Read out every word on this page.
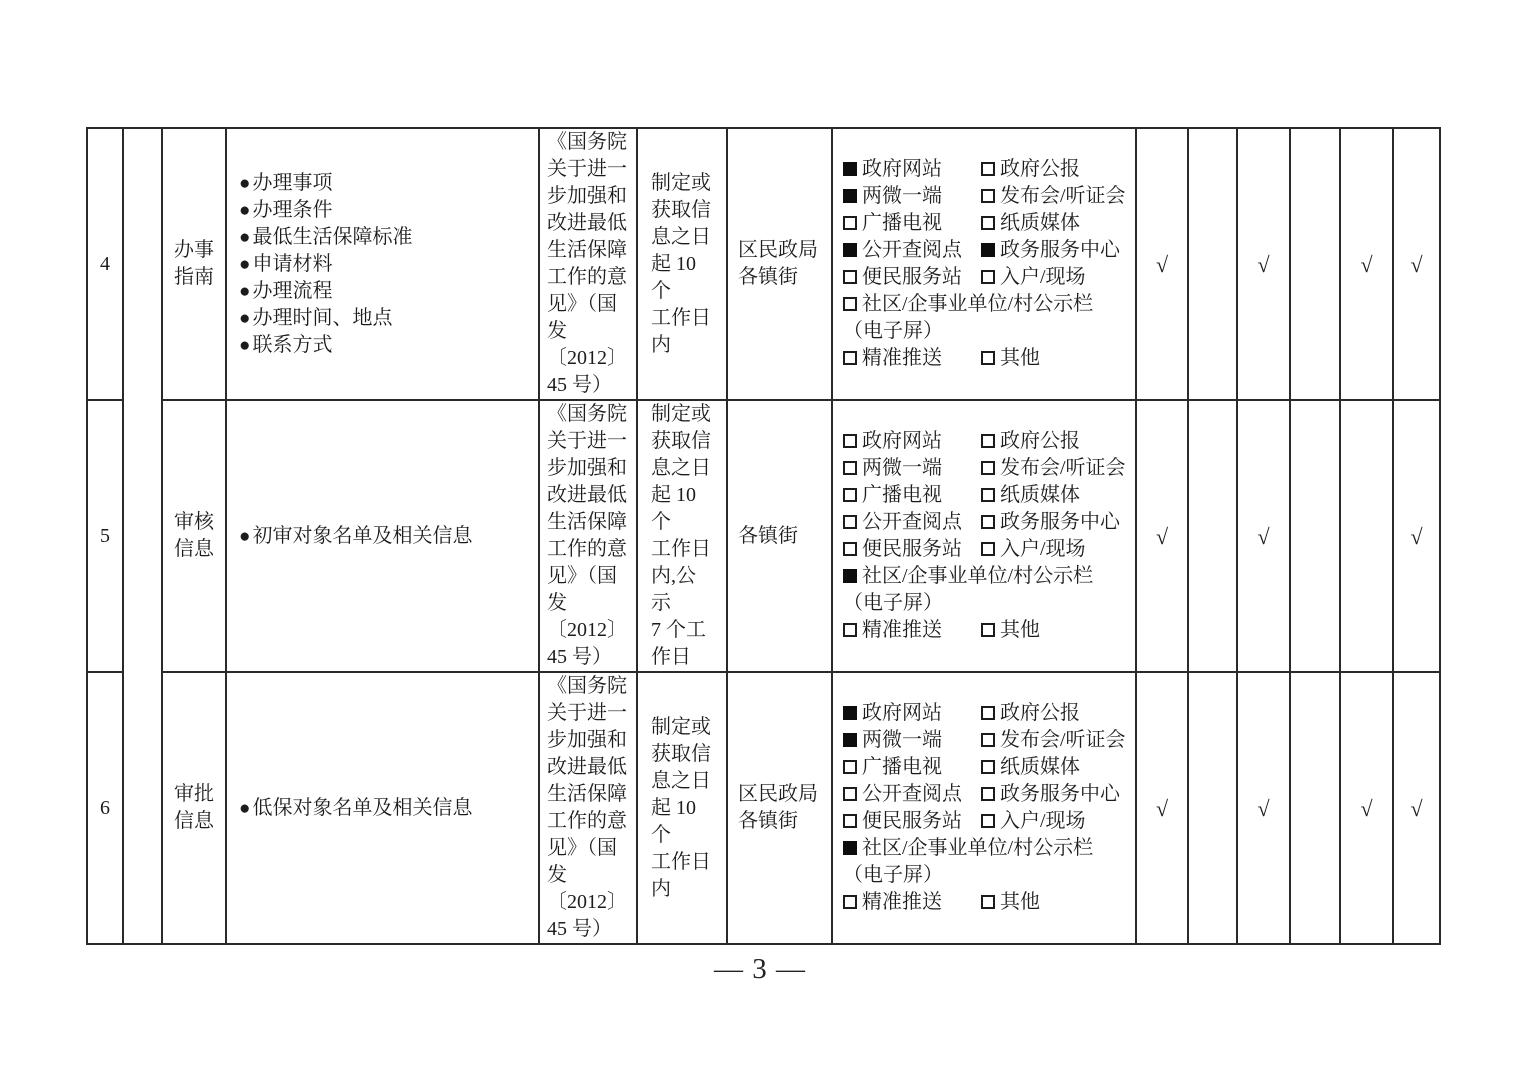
4		办事指南	
● 办理事项
● 办理条件
● 最低生活保障标准
● 申请材料
● 办理流程
● 办理时间、地点
● 联系方式
	《国务院
关于进一
步加强和
改进最低
生活保障
工作的意
见》（国
发〔2012〕
45 号）	制定或
获取信
息之日
起 10 个
工作日
内	区民政局
各镇街	
政府网站	政府公报
两微一端	发布会/听证会
广播电视	纸质媒体
公开查阅点	政务服务中心
便民服务站	入户/现场
社区/企事业单位/村公示栏
（电子屏）
精准推送	其他
	√		√		√	√
5	审核信息	
● 初审对象名单及相关信息
	《国务院
关于进一
步加强和
改进最低
生活保障
工作的意
见》（国
发〔2012〕
45 号）	制定或
获取信
息之日
起 10 个
工作日
内,公示
7 个工
作日	各镇街	
政府网站	政府公报
两微一端	发布会/听证会
广播电视	纸质媒体
公开查阅点	政务服务中心
便民服务站	入户/现场
社区/企事业单位/村公示栏
（电子屏）
精准推送	其他
	√		√			√
6	审批信息	
● 低保对象名单及相关信息
	《国务院
关于进一
步加强和
改进最低
生活保障
工作的意
见》（国
发〔2012〕
45 号）	制定或
获取信
息之日
起 10 个
工作日
内	区民政局
各镇街	
政府网站	政府公报
两微一端	发布会/听证会
广播电视	纸质媒体
公开查阅点	政务服务中心
便民服务站	入户/现场
社区/企事业单位/村公示栏
（电子屏）
精准推送	其他
	√		√		√	√
— 3 —
